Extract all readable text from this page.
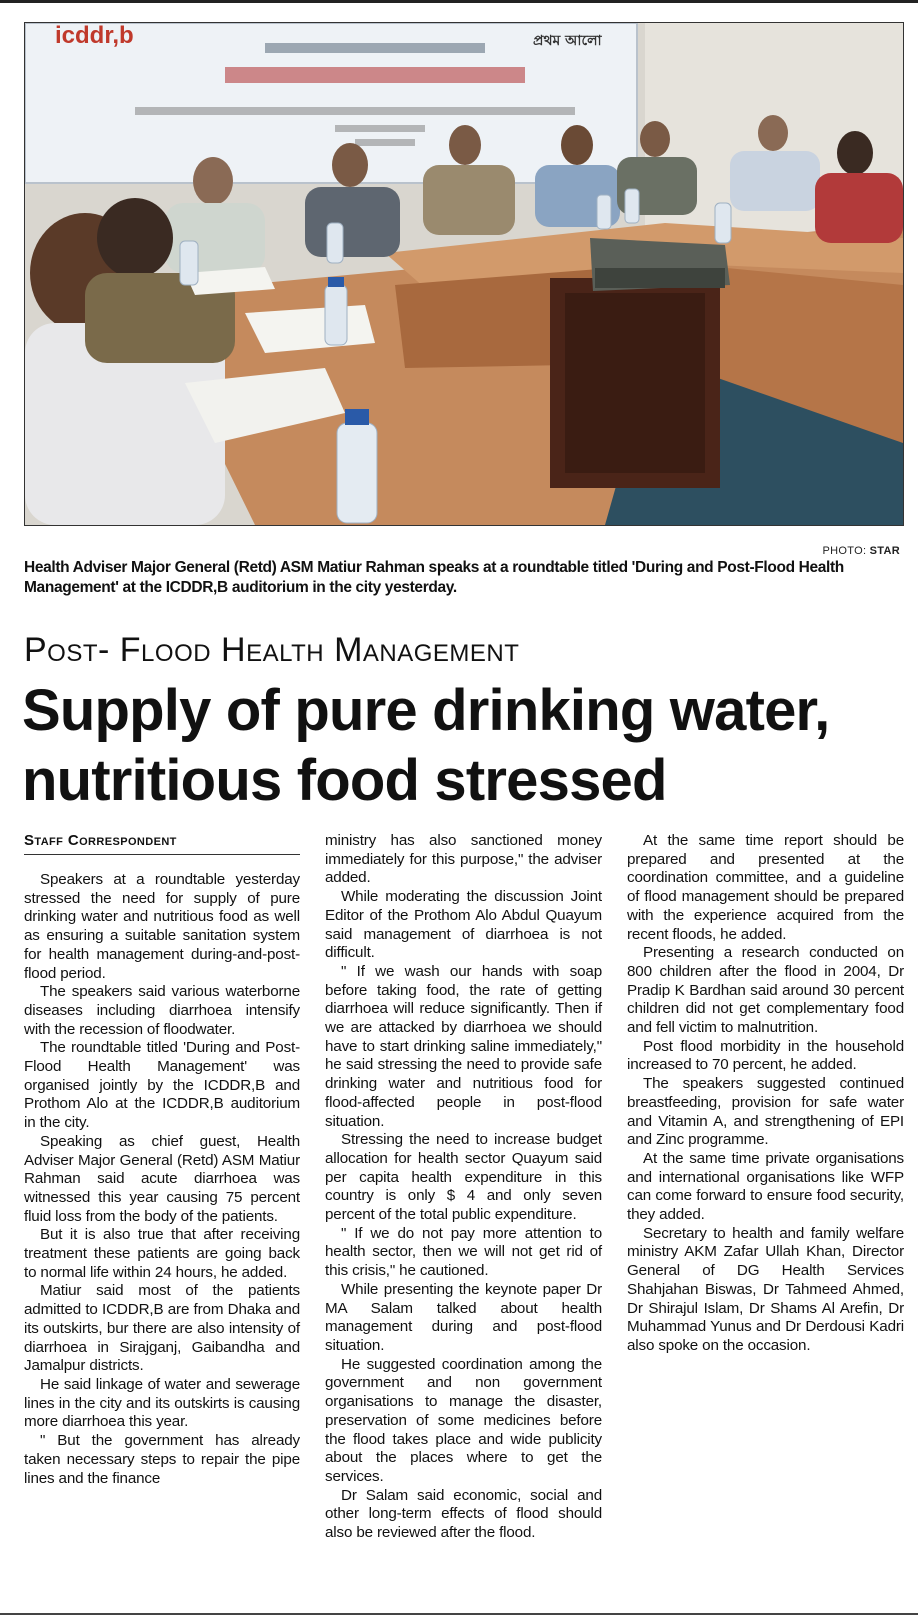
icddr,b	প্রথম আলো
PHOTO: STAR
Health Adviser Major General (Retd) ASM Matiur Rahman speaks at a roundtable titled 'During and Post-Flood Health Management' at the ICDDR,B auditorium in the city yesterday.
Post- Flood Health Management
Supply of pure drinking water, nutritious food stressed
Staff Correspondent

Speakers at a roundtable yesterday stressed the need for supply of pure drinking water and nutritious food as well as ensuring a suitable sanitation system for health management during-and-post- flood period.

The speakers said various waterborne diseases including diarrhoea intensify with the recession of floodwater.

The roundtable titled 'During and Post-Flood Health Management' was organised jointly by the ICDDR,B and Prothom Alo at the ICDDR,B auditorium in the city.

Speaking as chief guest, Health Adviser Major General (Retd) ASM Matiur Rahman said acute diarrhoea was witnessed this year causing 75 percent fluid loss from the body of the patients.

But it is also true that after receiving treatment these patients are going back to normal life within 24 hours, he added.

Matiur said most of the patients admitted to ICDDR,B are from Dhaka and its outskirts, bur there are also intensity of diarrhoea in Sirajganj, Gaibandha and Jamalpur districts.

He said linkage of water and sewerage lines in the city and its outskirts is causing more diarrhoea this year.

" But the government has already taken necessary steps to repair the pipe lines and the finance

ministry has also sanctioned money immediately for this purpose," the adviser added.

While moderating the discussion Joint Editor of the Prothom Alo Abdul Quayum said management of diarrhoea is not difficult.

" If we wash our hands with soap before taking food, the rate of getting diarrhoea will reduce significantly. Then if we are attacked by diarrhoea we should have to start drinking saline immediately," he said stressing the need to provide safe drinking water and nutritious food for flood-affected people in post-flood situation.

Stressing the need to increase budget allocation for health sector Quayum said per capita health expenditure in this country is only $ 4 and only seven percent of the total public expenditure.

" If we do not pay more attention to health sector, then we will not get rid of this crisis," he cautioned.

While presenting the keynote paper Dr MA Salam talked about health management during and post-flood situation.

He suggested coordination among the government and non government organisations to manage the disaster, preservation of some medicines before the flood takes place and wide publicity about the places where to get the services.

Dr Salam said economic, social and other long-term effects of flood should also be reviewed after the flood.

At the same time report should be prepared and presented at the coordination committee, and a guideline of flood management should be prepared with the experience acquired from the recent floods, he added.

Presenting a research conducted on 800 children after the flood in 2004, Dr Pradip K Bardhan said around 30 percent children did not get complementary food and fell victim to malnutrition.

Post flood morbidity in the household increased to 70 percent, he added.

The speakers suggested continued breastfeeding, provision for safe water and Vitamin A, and strengthening of EPI and Zinc programme.

At the same time private organisations and international organisations like WFP can come forward to ensure food security, they added.

Secretary to health and family welfare ministry AKM Zafar Ullah Khan, Director General of DG Health Services Shahjahan Biswas, Dr Tahmeed Ahmed, Dr Shirajul Islam, Dr Shams Al Arefin, Dr Muhammad Yunus and Dr Derdousi Kadri also spoke on the occasion.
